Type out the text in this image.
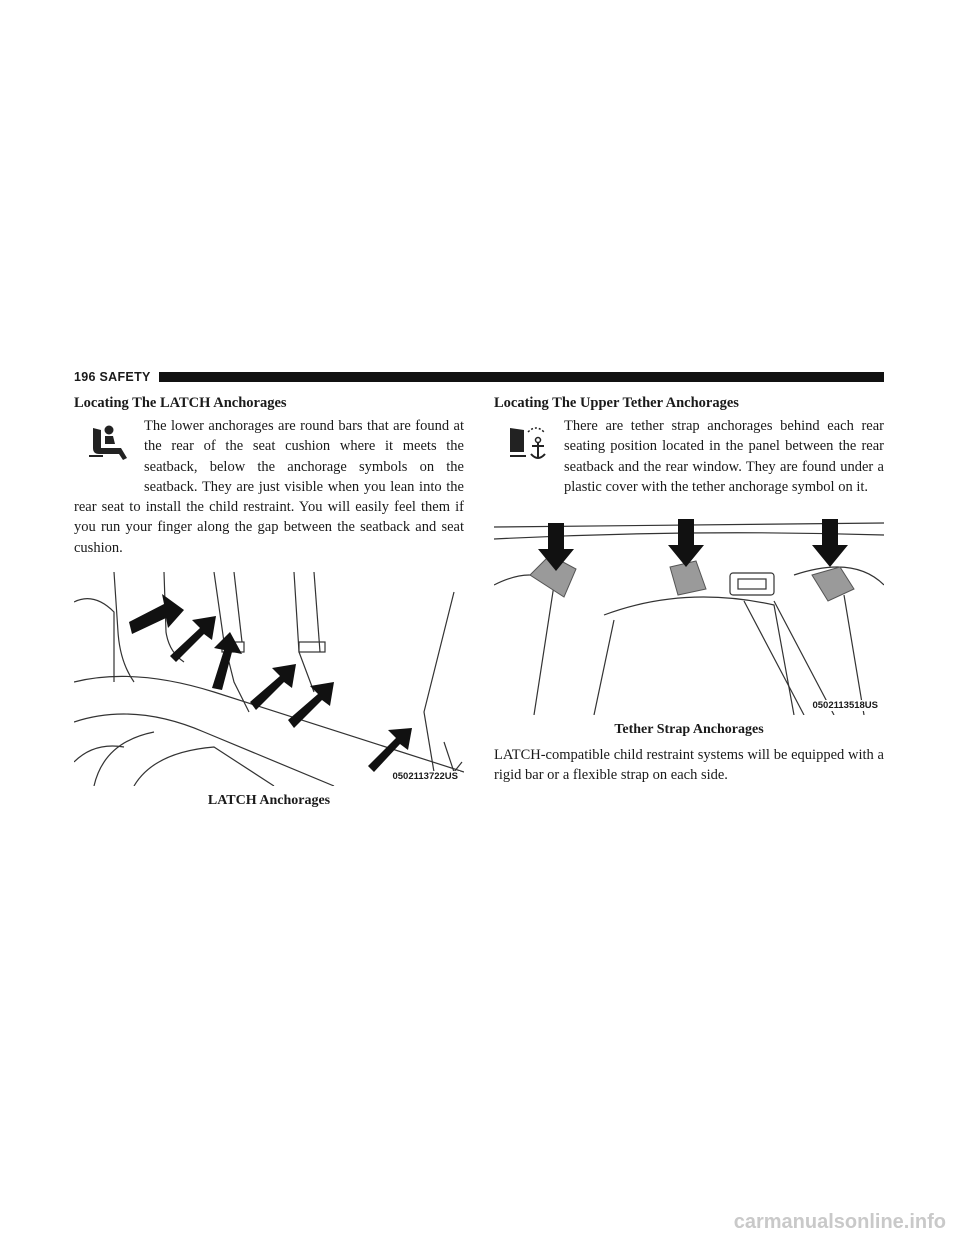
196 SAFETY
Locating The LATCH Anchorages
The lower anchorages are round bars that are found at the rear of the seat cushion where it meets the seatback, below the anchorage symbols on the seatback. They are just visible when you lean into the rear seat to install the child restraint. You will easily feel them if you run your finger along the gap between the seatback and seat cushion.
0502113722US
LATCH Anchorages
Locating The Upper Tether Anchorages
There are tether strap anchorages behind each rear seating position located in the panel between the rear seatback and the rear window. They are found under a plastic cover with the tether anchorage symbol on it.
0502113518US
Tether Strap Anchorages

LATCH-compatible child restraint systems will be equipped with a rigid bar or a flexible strap on each side.

carmanualsonline.info
